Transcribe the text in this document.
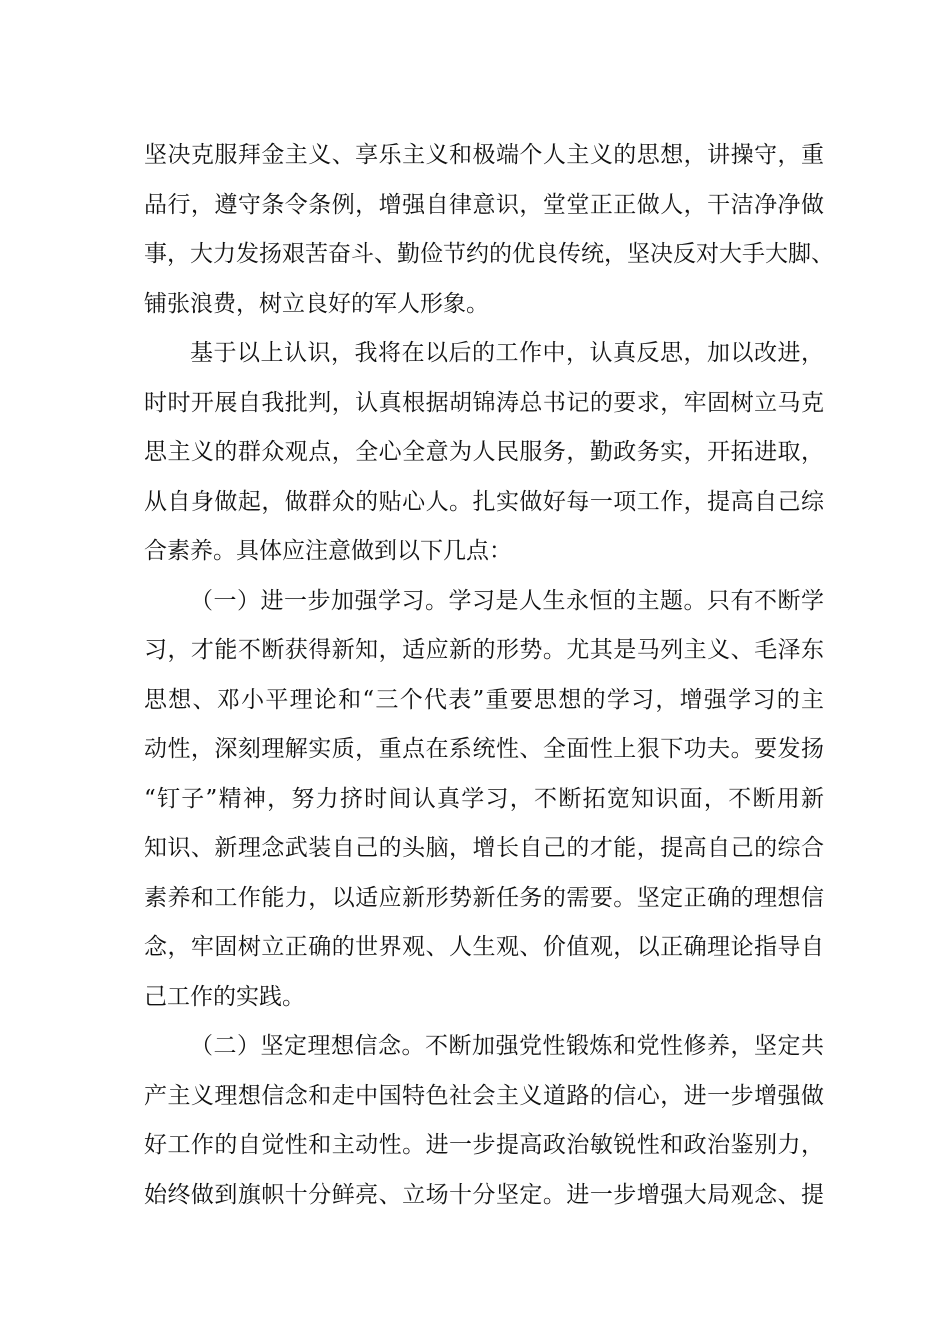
坚决克服拜金主义、享乐主义和极端个人主义的思想，讲操守，重

品行，遵守条令条例，增强自律意识，堂堂正正做人，干洁净净做

事，大力发扬艰苦奋斗、勤俭节约的优良传统，坚决反对大手大脚、

铺张浪费，树立良好的军人形象。

基于以上认识，我将在以后的工作中，认真反思，加以改进，

时时开展自我批判，认真根据胡锦涛总书记的要求，牢固树立马克

思主义的群众观点，全心全意为人民服务，勤政务实，开拓进取，

从自身做起，做群众的贴心人。扎实做好每一项工作，提高自己综

合素养。具体应注意做到以下几点：

（一）进一步加强学习。学习是人生永恒的主题。只有不断学

习，才能不断获得新知，适应新的形势。尤其是马列主义、毛泽东

思想、邓小平理论和“三个代表”重要思想的学习，增强学习的主

动性，深刻理解实质，重点在系统性、全面性上狠下功夫。要发扬

“钉子”精神，努力挤时间认真学习，不断拓宽知识面，不断用新

知识、新理念武装自己的头脑，增长自己的才能，提高自己的综合

素养和工作能力，以适应新形势新任务的需要。坚定正确的理想信

念，牢固树立正确的世界观、人生观、价值观，以正确理论指导自

己工作的实践。

（二）坚定理想信念。不断加强党性锻炼和党性修养，坚定共

产主义理想信念和走中国特色社会主义道路的信心，进一步增强做

好工作的自觉性和主动性。进一步提高政治敏锐性和政治鉴别力，

始终做到旗帜十分鲜亮、立场十分坚定。进一步增强大局观念、提
